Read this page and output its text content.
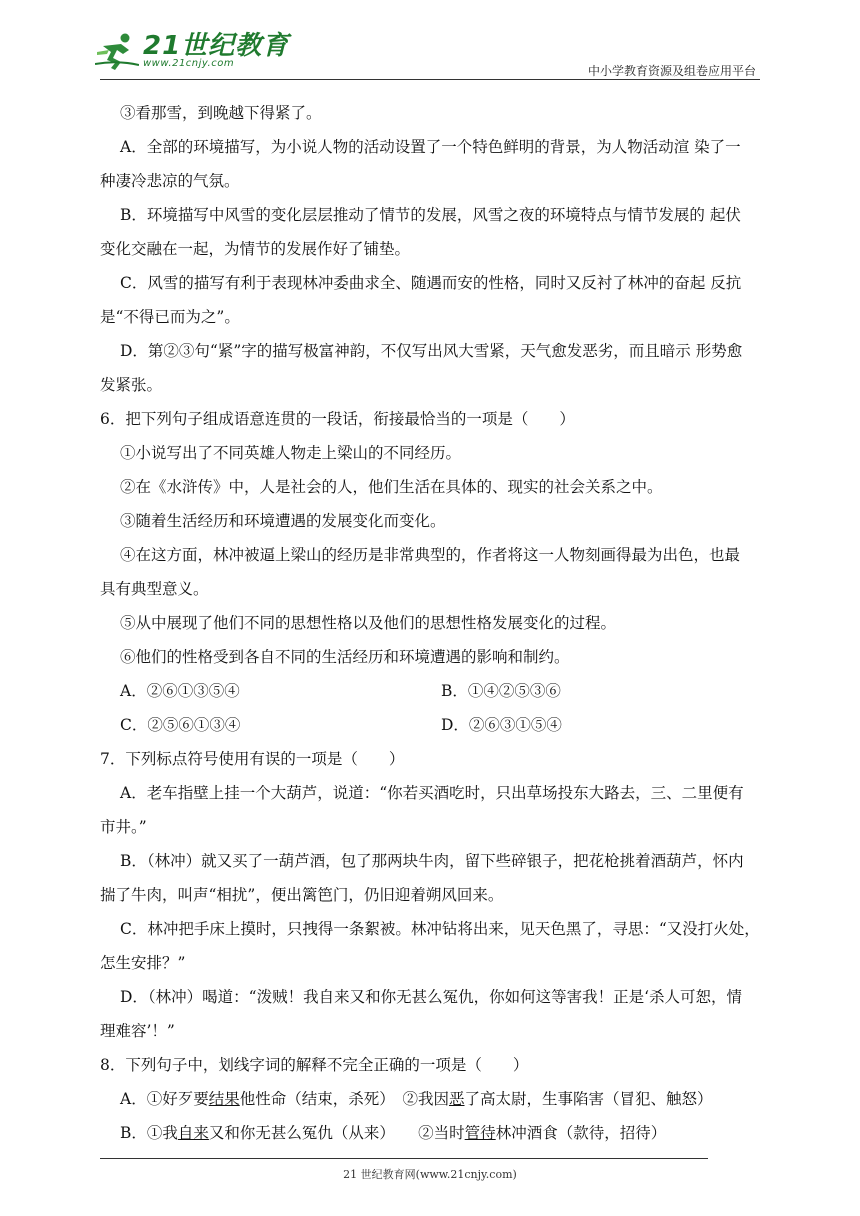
21世纪教育
www.21cnjy.com
中小学教育资源及组卷应用平台

③看那雪，到晚越下得紧了。

A．全部的环境描写，为小说人物的活动设置了一个特色鲜明的背景，为人物活动渲 染了一

种凄冷悲凉的气氛。

B．环境描写中风雪的变化层层推动了情节的发展，风雪之夜的环境特点与情节发展的 起伏

变化交融在一起，为情节的发展作好了铺垫。

C．风雪的描写有利于表现林冲委曲求全、随遇而安的性格，同时又反衬了林冲的奋起 反抗

是“不得已而为之”。

D．第②③句“紧”字的描写极富神韵，不仅写出风大雪紧，天气愈发恶劣，而且暗示 形势愈

发紧张。

6．把下列句子组成语意连贯的一段话，衔接最恰当的一项是（　　）

①小说写出了不同英雄人物走上梁山的不同经历。

②在《水浒传》中，人是社会的人，他们生活在具体的、现实的社会关系之中。

③随着生活经历和环境遭遇的发展变化而变化。

④在这方面，林冲被逼上梁山的经历是非常典型的，作者将这一人物刻画得最为出色，也最

具有典型意义。

⑤从中展现了他们不同的思想性格以及他们的思想性格发展变化的过程。

⑥他们的性格受到各自不同的生活经历和环境遭遇的影响和制约。

A．②⑥①③⑤④	B．①④②⑤③⑥
C．②⑤⑥①③④	D．②⑥③①⑤④

7．下列标点符号使用有误的一项是（　　）

A．老车指壁上挂一个大葫芦，说道：“你若买酒吃时，只出草场投东大路去，三、二里便有

市井。”

B．（林冲）就又买了一葫芦酒，包了那两块牛肉，留下些碎银子，把花枪挑着酒葫芦，怀内

揣了牛肉，叫声“相扰”，便出篱笆门，仍旧迎着朔风回来。

C．林冲把手床上摸时，只拽得一条絮被。林冲钻将出来，见天色黑了，寻思：“又没打火处，

怎生安排？”

D．（林冲）喝道：“泼贼！我自来又和你无甚么冤仇，你如何这等害我！正是‘杀人可恕，情

理难容’！”

8．下列句子中，划线字词的解释不完全正确的一项是（　　）

A．①好歹要结果他性命（结束，杀死）　②我因恶了高太尉，生事陷害（冒犯、触怒）

B．①我自来又和你无甚么冤仇（从来）　　②当时管待林冲酒食（款待，招待）

21 世纪教育网(www.21cnjy.com)
